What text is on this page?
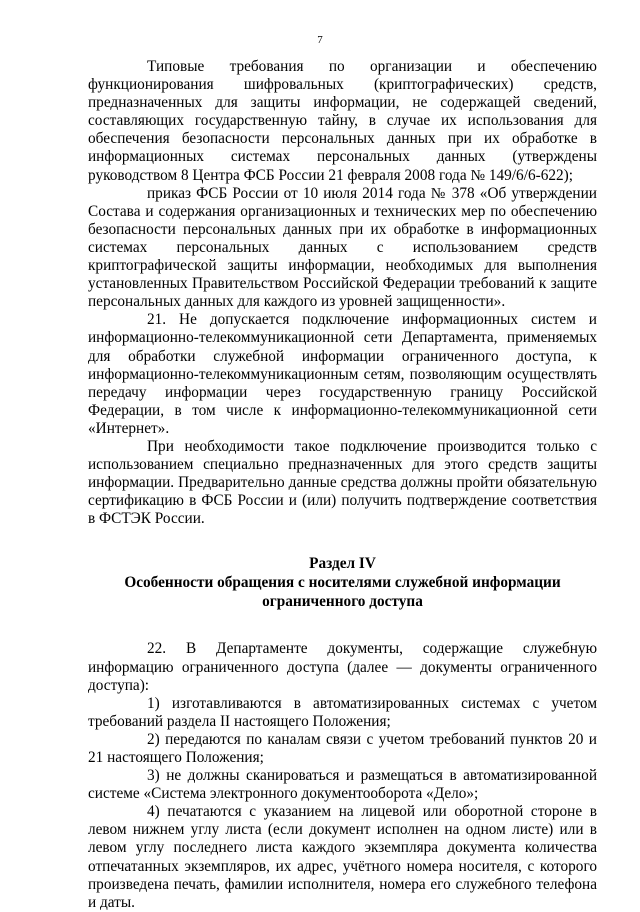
7

Типовые требования по организации и обеспечению функционирования шифровальных (криптографических) средств, предназначенных для защиты информации, не содержащей сведений, составляющих государственную тайну, в случае их использования для обеспечения безопасности персональных данных при их обработке в информационных системах персональных данных (утверждены руководством 8 Центра ФСБ России 21 февраля 2008 года № 149/6/6-622);

приказ ФСБ России от 10 июля 2014 года № 378 «Об утверждении Состава и содержания организационных и технических мер по обеспечению безопасности персональных данных при их обработке в информационных системах персональных данных с использованием средств криптографической защиты информации, необходимых для выполнения установленных Правительством Российской Федерации требований к защите персональных данных для каждого из уровней защищенности».

21. Не допускается подключение информационных систем и информационно-телекоммуникационной сети Департамента, применяемых для обработки служебной информации ограниченного доступа, к информационно-телекоммуникационным сетям, позволяющим осуществлять передачу информации через государственную границу Российской Федерации, в том числе к информационно-телекоммуникационной сети «Интернет».

При необходимости такое подключение производится только с использованием специально предназначенных для этого средств защиты информации. Предварительно данные средства должны пройти обязательную сертификацию в ФСБ России и (или) получить подтверждение соответствия в ФСТЭК России.

Раздел IV
Особенности обращения с носителями служебной информации
ограниченного доступа

22. В Департаменте документы, содержащие служебную информацию ограниченного доступа (далее — документы ограниченного доступа):

1) изготавливаются в автоматизированных системах с учетом требований раздела II настоящего Положения;

2) передаются по каналам связи с учетом требований пунктов 20 и 21 настоящего Положения;

3) не должны сканироваться и размещаться в автоматизированной системе «Система электронного документооборота «Дело»;

4) печатаются с указанием на лицевой или оборотной стороне в левом нижнем углу листа (если документ исполнен на одном листе) или в левом углу последнего листа каждого экземпляра документа количества отпечатанных экземпляров, их адрес, учётного номера носителя, с которого произведена печать, фамилии исполнителя, номера его служебного телефона и даты.
